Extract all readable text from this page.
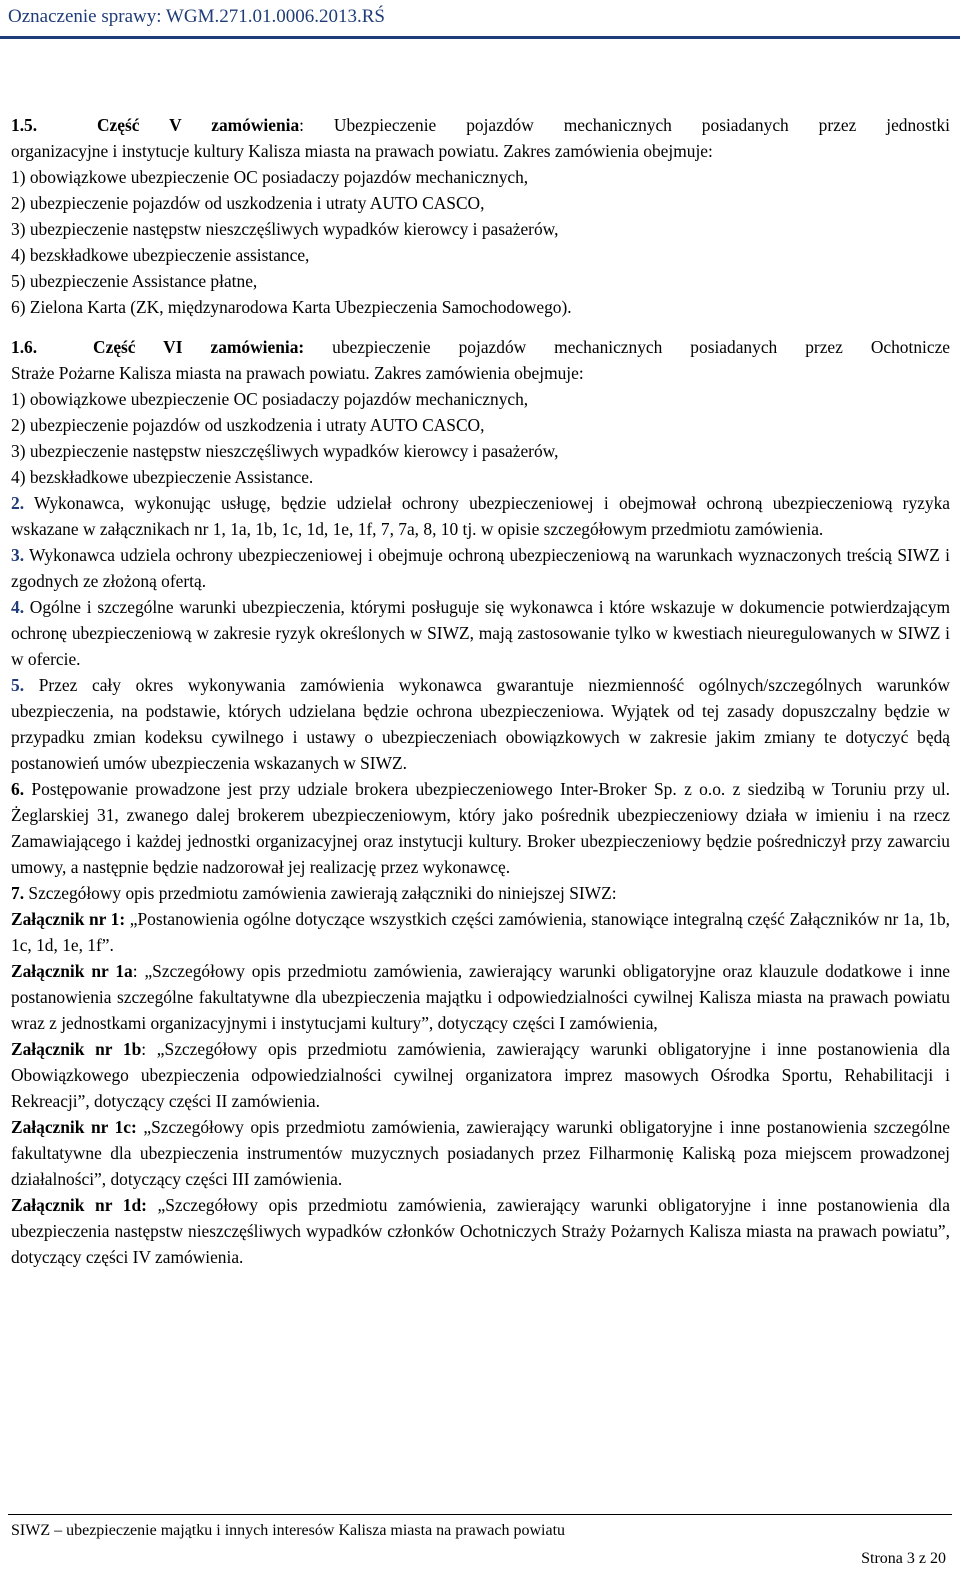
Oznaczenie sprawy: WGM.271.01.0006.2013.RŚ
1.5.	Część V zamówienia: Ubezpieczenie pojazdów mechanicznych posiadanych przez jednostki
organizacyjne i instytucje kultury Kalisza miasta na prawach powiatu. Zakres zamówienia obejmuje:
1) obowiązkowe ubezpieczenie OC posiadaczy pojazdów mechanicznych,
2) ubezpieczenie pojazdów od uszkodzenia i utraty AUTO CASCO,
3) ubezpieczenie następstw nieszczęśliwych wypadków kierowcy i pasażerów,
4) bezskładkowe ubezpieczenie assistance,
5) ubezpieczenie Assistance płatne,
6) Zielona Karta (ZK, międzynarodowa Karta Ubezpieczenia Samochodowego).
1.6.	Część VI zamówienia: ubezpieczenie pojazdów mechanicznych posiadanych przez Ochotnicze
Straże Pożarne Kalisza miasta na prawach powiatu. Zakres zamówienia obejmuje:
1) obowiązkowe ubezpieczenie OC posiadaczy pojazdów mechanicznych,
2) ubezpieczenie pojazdów od uszkodzenia i utraty AUTO CASCO,
3) ubezpieczenie następstw nieszczęśliwych wypadków kierowcy i pasażerów,
4) bezskładkowe ubezpieczenie Assistance.

2. Wykonawca, wykonując usługę, będzie udzielał ochrony ubezpieczeniowej i obejmował ochroną ubezpieczeniową ryzyka wskazane w załącznikach nr 1, 1a, 1b, 1c, 1d, 1e, 1f, 7, 7a, 8, 10 tj. w opisie szczegółowym przedmiotu zamówienia.

3. Wykonawca udziela ochrony ubezpieczeniowej i obejmuje ochroną ubezpieczeniową na warunkach wyznaczonych treścią SIWZ i zgodnych ze złożoną ofertą.

4. Ogólne i szczególne warunki ubezpieczenia, którymi posługuje się wykonawca i które wskazuje w dokumencie potwierdzającym ochronę ubezpieczeniową w zakresie ryzyk określonych w SIWZ, mają zastosowanie tylko w kwestiach nieuregulowanych w SIWZ i w ofercie.

5. Przez cały okres wykonywania zamówienia wykonawca gwarantuje niezmienność ogólnych/szczególnych warunków ubezpieczenia, na podstawie, których udzielana będzie ochrona ubezpieczeniowa. Wyjątek od tej zasady dopuszczalny będzie w przypadku zmian kodeksu cywilnego i ustawy o ubezpieczeniach obowiązkowych w zakresie jakim zmiany te dotyczyć będą postanowień umów ubezpieczenia wskazanych w SIWZ.

6. Postępowanie prowadzone jest przy udziale brokera ubezpieczeniowego Inter-Broker Sp. z o.o. z siedzibą w Toruniu przy ul. Żeglarskiej 31, zwanego dalej brokerem ubezpieczeniowym, który jako pośrednik ubezpieczeniowy działa w imieniu i na rzecz Zamawiającego i każdej jednostki organizacyjnej oraz instytucji kultury. Broker ubezpieczeniowy będzie pośredniczył przy zawarciu umowy, a następnie będzie nadzorował jej realizację przez wykonawcę.

7. Szczegółowy opis przedmiotu zamówienia zawierają załączniki do niniejszej SIWZ:

Załącznik nr 1: „Postanowienia ogólne dotyczące wszystkich części zamówienia, stanowiące integralną część Załączników nr 1a, 1b, 1c, 1d, 1e, 1f”.

Załącznik nr 1a: „Szczegółowy opis przedmiotu zamówienia, zawierający warunki obligatoryjne oraz klauzule dodatkowe i inne postanowienia szczególne fakultatywne dla ubezpieczenia majątku i odpowiedzialności cywilnej Kalisza miasta na prawach powiatu wraz z jednostkami organizacyjnymi i instytucjami kultury”, dotyczący części I zamówienia,

Załącznik nr 1b: „Szczegółowy opis przedmiotu zamówienia, zawierający warunki obligatoryjne i inne postanowienia dla Obowiązkowego ubezpieczenia odpowiedzialności cywilnej organizatora imprez masowych Ośrodka Sportu, Rehabilitacji i Rekreacji”, dotyczący części II zamówienia.

Załącznik nr 1c: „Szczegółowy opis przedmiotu zamówienia, zawierający warunki obligatoryjne i inne postanowienia szczególne fakultatywne dla ubezpieczenia instrumentów muzycznych posiadanych przez Filharmonię Kaliską poza miejscem prowadzonej działalności”, dotyczący części III zamówienia.

Załącznik nr 1d: „Szczegółowy opis przedmiotu zamówienia, zawierający warunki obligatoryjne i inne postanowienia dla ubezpieczenia następstw nieszczęśliwych wypadków członków Ochotniczych Straży Pożarnych Kalisza miasta na prawach powiatu”, dotyczący części IV zamówienia.

SIWZ – ubezpieczenie majątku i innych interesów Kalisza miasta na prawach powiatu
Strona 3 z 20
